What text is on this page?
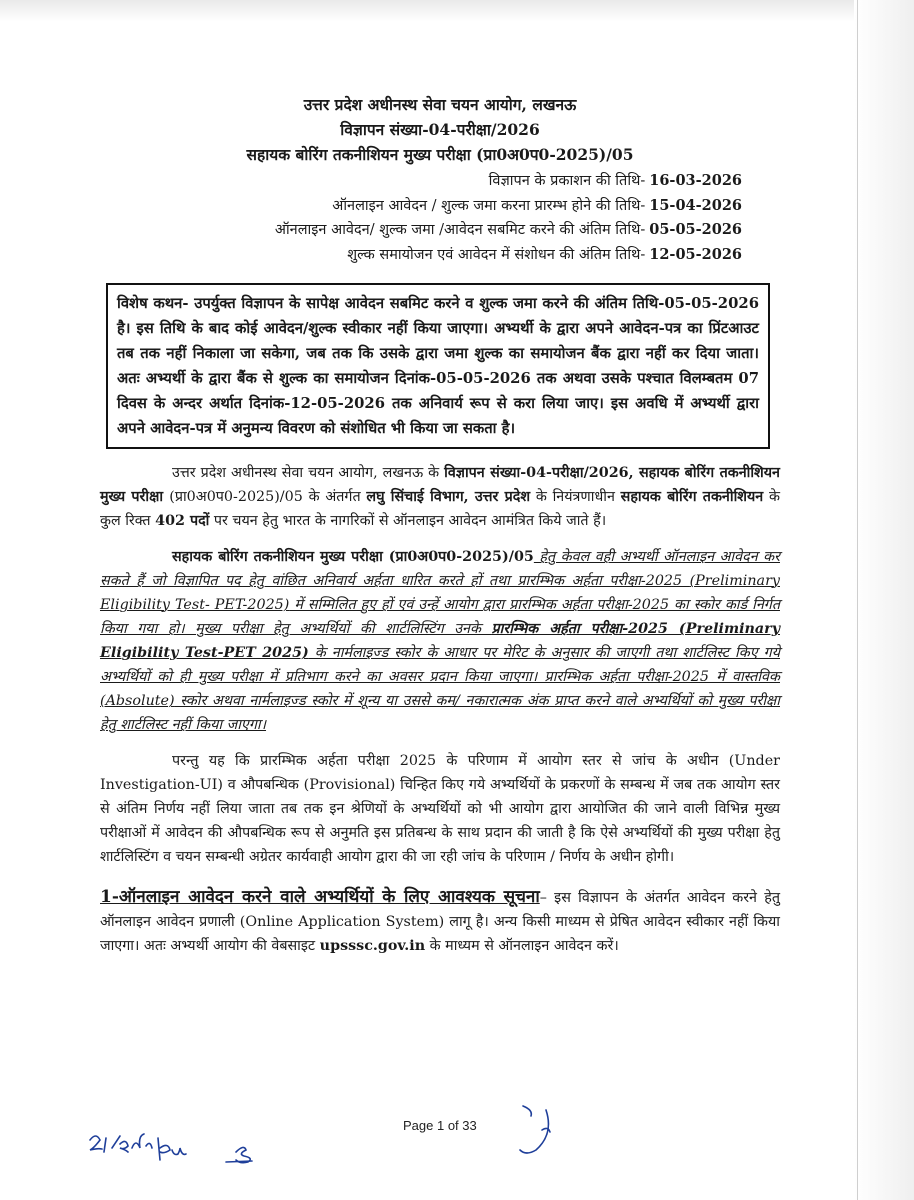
उत्तर प्रदेश अधीनस्थ सेवा चयन आयोग, लखनऊ
विज्ञापन संख्या-04-परीक्षा/2026
सहायक बोरिंग तकनीशियन मुख्य परीक्षा (प्रा0अ0प0-2025)/05
विज्ञापन के प्रकाशन की तिथि- 16-03-2026
ऑनलाइन आवेदन / शुल्क जमा करना प्रारम्भ होने की तिथि- 15-04-2026
ऑनलाइन आवेदन/ शुल्क जमा /आवेदन सबमिट करने की अंतिम तिथि- 05-05-2026
शुल्क समायोजन एवं आवेदन में संशोधन की अंतिम तिथि- 12-05-2026
विशेष कथन- उपर्युक्त विज्ञापन के सापेक्ष आवेदन सबमिट करने व शुल्क जमा करने की अंतिम तिथि-05-05-2026 है। इस तिथि के बाद कोई आवेदन/शुल्क स्वीकार नहीं किया जाएगा। अभ्यर्थी के द्वारा अपने आवेदन-पत्र का प्रिंटआउट तब तक नहीं निकाला जा सकेगा, जब तक कि उसके द्वारा जमा शुल्क का समायोजन बैंक द्वारा नहीं कर दिया जाता। अतः अभ्यर्थी के द्वारा बैंक से शुल्क का समायोजन दिनांक-05-05-2026 तक अथवा उसके पश्चात विलम्बतम 07 दिवस के अन्दर अर्थात दिनांक-12-05-2026 तक अनिवार्य रूप से करा लिया जाए। इस अवधि में अभ्यर्थी द्वारा अपने आवेदन-पत्र में अनुमन्य विवरण को संशोधित भी किया जा सकता है।

उत्तर प्रदेश अधीनस्थ सेवा चयन आयोग, लखनऊ के विज्ञापन संख्या-04-परीक्षा/2026, सहायक बोरिंग तकनीशियन मुख्य परीक्षा (प्रा0अ0प0-2025)/05 के अंतर्गत लघु सिंचाई विभाग, उत्तर प्रदेश के नियंत्रणाधीन सहायक बोरिंग तकनीशियन के कुल रिक्त 402 पदों पर चयन हेतु भारत के नागरिकों से ऑनलाइन आवेदन आमंत्रित किये जाते हैं।

सहायक बोरिंग तकनीशियन मुख्य परीक्षा (प्रा0अ0प0-2025)/05 हेतु केवल वही अभ्यर्थी ऑनलाइन आवेदन कर सकते हैं जो विज्ञापित पद हेतु वांछित अनिवार्य अर्हता धारित करते हों तथा प्रारम्भिक अर्हता परीक्षा-2025 (Preliminary Eligibility Test- PET-2025) में सम्मिलित हुए हों एवं उन्हें आयोग द्वारा प्रारम्भिक अर्हता परीक्षा-2025 का स्कोर कार्ड निर्गत किया गया हो। मुख्य परीक्षा हेतु अभ्यर्थियों की शार्टलिस्टिंग उनके प्रारम्भिक अर्हता परीक्षा-2025 (Preliminary Eligibility Test-PET 2025) के नार्मलाइज्ड स्कोर के आधार पर मेरिट के अनुसार की जाएगी तथा शार्टलिस्ट किए गये अभ्यर्थियों को ही मुख्य परीक्षा में प्रतिभाग करने का अवसर प्रदान किया जाएगा। प्रारम्भिक अर्हता परीक्षा-2025 में वास्तविक (Absolute) स्कोर अथवा नार्मलाइज्ड स्कोर में शून्य या उससे कम/ नकारात्मक अंक प्राप्त करने वाले अभ्यर्थियों को मुख्य परीक्षा हेतु शार्टलिस्ट नहीं किया जाएगा।

परन्तु यह कि प्रारम्भिक अर्हता परीक्षा 2025 के परिणाम में आयोग स्तर से जांच के अधीन (Under Investigation-UI) व औपबन्धिक (Provisional) चिन्हित किए गये अभ्यर्थियों के प्रकरणों के सम्बन्ध में जब तक आयोग स्तर से अंतिम निर्णय नहीं लिया जाता तब तक इन श्रेणियों के अभ्यर्थियों को भी आयोग द्वारा आयोजित की जाने वाली विभिन्न मुख्य परीक्षाओं में आवेदन की औपबन्धिक रूप से अनुमति इस प्रतिबन्ध के साथ प्रदान की जाती है कि ऐसे अभ्यर्थियों की मुख्य परीक्षा हेतु शार्टलिस्टिंग व चयन सम्बन्धी अग्रेतर कार्यवाही आयोग द्वारा की जा रही जांच के परिणाम / निर्णय के अधीन होगी।

1-ऑनलाइन आवेदन करने वाले अभ्यर्थियों के लिए आवश्यक सूचना– इस विज्ञापन के अंतर्गत आवेदन करने हेतु ऑनलाइन आवेदन प्रणाली (Online Application System) लागू है। अन्य किसी माध्यम से प्रेषित आवेदन स्वीकार नहीं किया जाएगा। अतः अभ्यर्थी आयोग की वेबसाइट upsssc.gov.in के माध्यम से ऑनलाइन आवेदन करें।

Page 1 of 33
